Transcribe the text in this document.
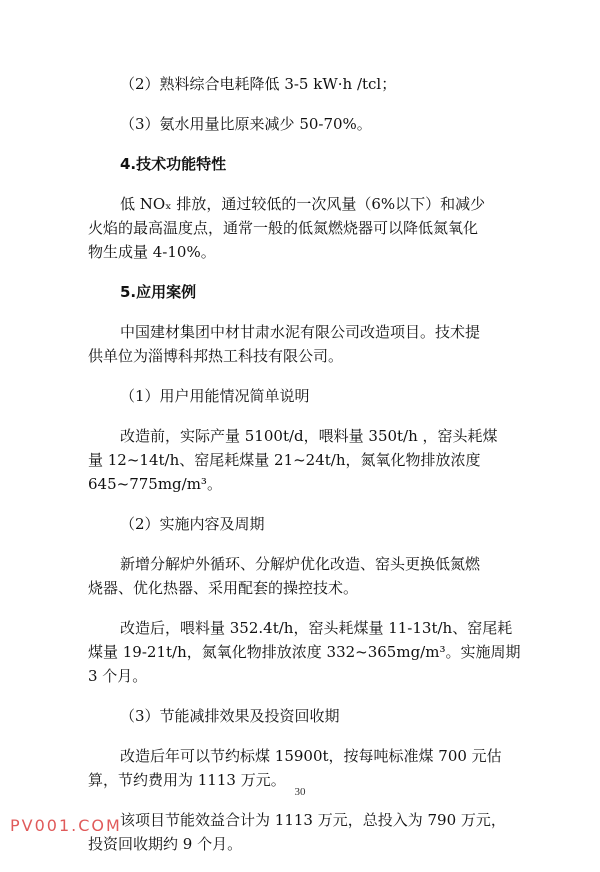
（2）熟料综合电耗降低 3-5 kW·h /tcl；

（3）氨水用量比原来减少 50-70%。

4.技术功能特性

低 NOₓ 排放，通过较低的一次风量（6%以下）和减少

火焰的最高温度点，通常一般的低氮燃烧器可以降低氮氧化

物生成量 4-10%。

5.应用案例

中国建材集团中材甘肃水泥有限公司改造项目。技术提

供单位为淄博科邦热工科技有限公司。

（1）用户用能情况简单说明

改造前，实际产量 5100t/d，喂料量 350t/h ，窑头耗煤

量 12~14t/h、窑尾耗煤量 21~24t/h，氮氧化物排放浓度

645~775mg/m³。

（2）实施内容及周期

新增分解炉外循环、分解炉优化改造、窑头更换低氮燃

烧器、优化热器、采用配套的操控技术。

改造后，喂料量 352.4t/h，窑头耗煤量 11-13t/h、窑尾耗

煤量 19-21t/h，氮氧化物排放浓度 332~365mg/m³。实施周期

3 个月。

（3）节能减排效果及投资回收期

改造后年可以节约标煤 15900t，按每吨标准煤 700 元估

算，节约费用为 1113 万元。

该项目节能效益合计为 1113 万元，总投入为 790 万元，

投资回收期约 9 个月。

30
PV001.COM
